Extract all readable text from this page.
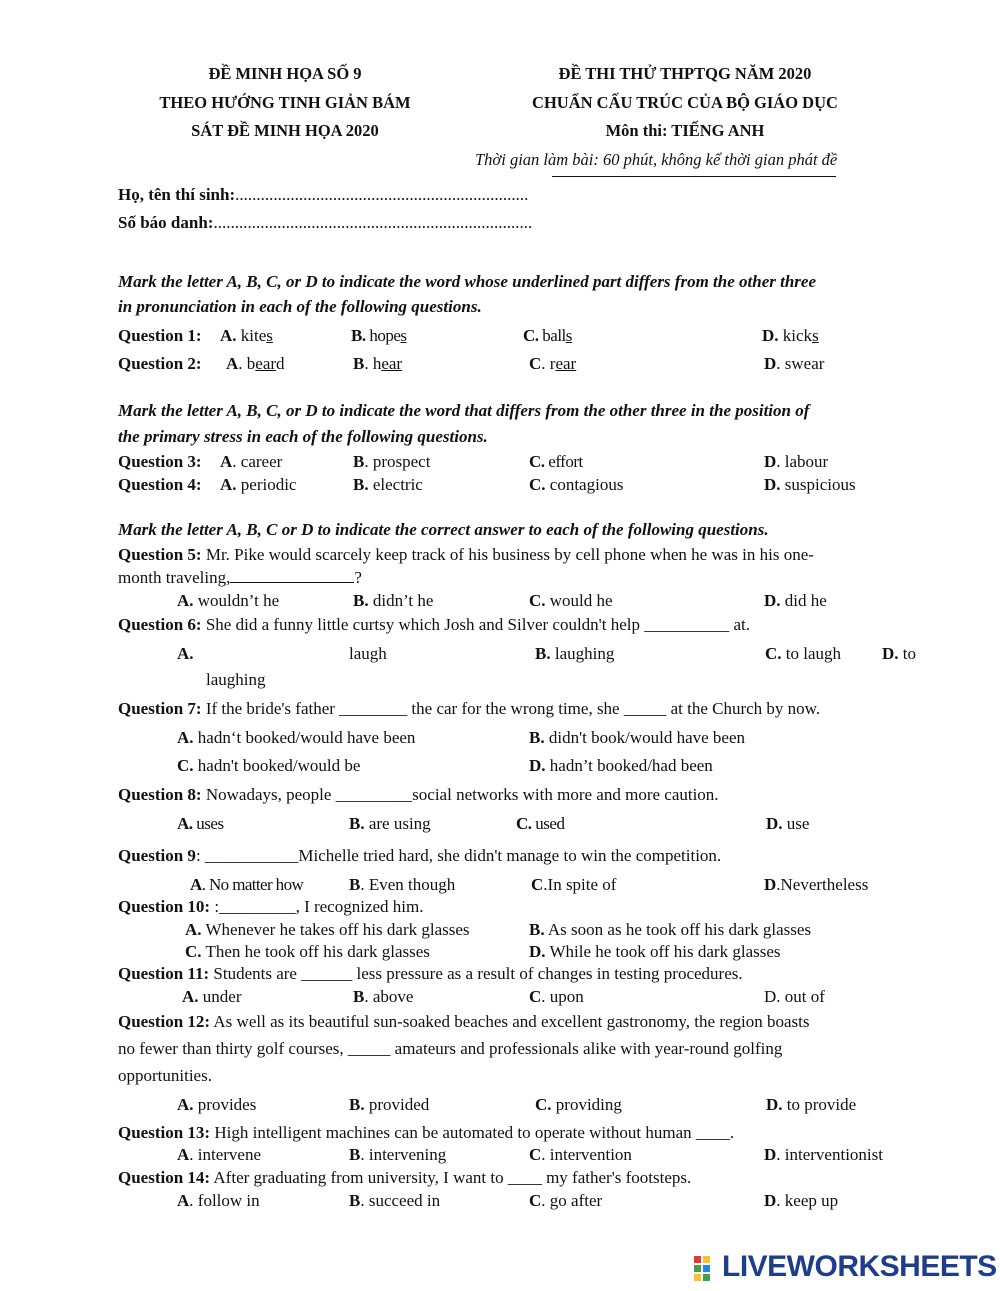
ĐỀ MINH HỌA SỐ 9
THEO HƯỚNG TINH GIẢN BÁM
SÁT ĐỀ MINH HỌA 2020
ĐỀ THI THỬ THPTQG NĂM 2020
CHUẨN CẤU TRÚC CỦA BỘ GIÁO DỤC
Môn thi: TIẾNG ANH
Thời gian làm bài: 60 phút, không kể thời gian phát đề
Họ, tên thí sinh:.....................................................................
Số báo danh:...........................................................................
Mark the letter A, B, C, or D to indicate the word whose underlined part differs from the other three
in pronunciation in each of the following questions.
Question 1: A. kites	B. hopes	C. balls	D. kicks
Question 2: A. beard	B. hear	C. rear	D. swear
Mark the letter A, B, C, or D to indicate the word that differs from the other three in the position of
the primary stress in each of the following questions.
Question 3: A. career	B. prospect	C. effort	D. labour
Question 4: A. periodic	B. electric	C. contagious	D. suspicious
Mark the letter A, B, C or D to indicate the correct answer to each of the following questions.
Question 5: Mr. Pike would scarcely keep track of his business by cell phone when he was in his one-
month traveling,	?
A. wouldn’t he	B. didn’t he	C. would he	D. did he
Question 6: She did a funny little curtsy which Josh and Silver couldn't help __________ at.
A.	laugh	B. laughing	C. to laugh D. to
laughing
Question 7: If the bride's father ________ the car for the wrong time, she _____ at the Church by now.
A. hadn‘t booked/would have been	B. didn't book/would have been
C. hadn't booked/would be	D. hadn’t booked/had been
Question 8: Nowadays, people _________social networks with more and more caution.
A. uses	B. are using	C. used	D. use
Question 9: ___________Michelle tried hard, she didn't manage to win the competition.
A. No matter how	B. Even though	C.In spite of	D.Nevertheless
Question 10: :_________, I recognized him.
A. Whenever he takes off his dark glasses	B. As soon as he took off his dark glasses
C. Then he took off his dark glasses	D. While he took off his dark glasses
Question 11: Students are ______ less pressure as a result of changes in testing procedures.
A. under	B. above	C. upon	D. out of
Question 12: As well as its beautiful sun-soaked beaches and excellent gastronomy, the region boasts
no fewer than thirty golf courses, _____ amateurs and professionals alike with year-round golfing
opportunities.
A. provides	B. provided	C. providing	D. to provide
Question 13: High intelligent machines can be automated to operate without human ____.
A. intervene	B. intervening	C. intervention	D. interventionist
Question 14: After graduating from university, I want to ____ my father's footsteps.
A. follow in	B. succeed in	C. go after	D. keep up
LIVEWORKSHEETS
